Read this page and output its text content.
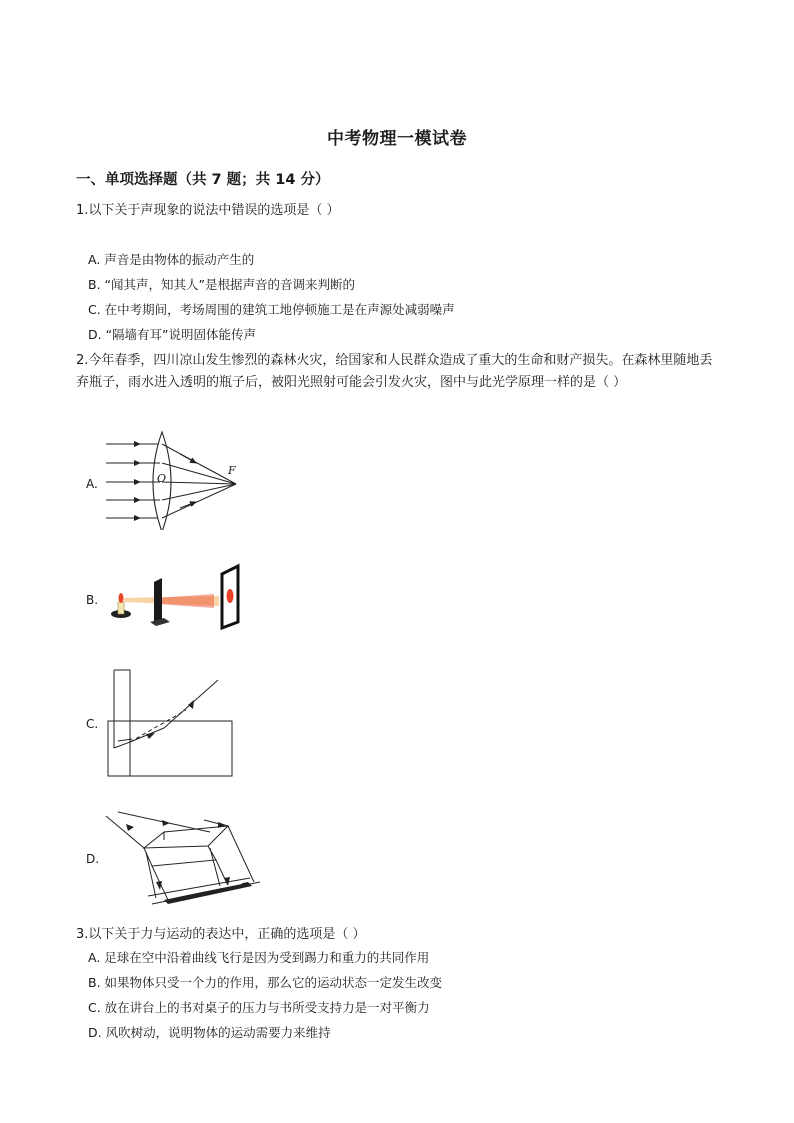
中考物理一模试卷
一、单项选择题（共 7 题；共 14 分）
1.以下关于声现象的说法中错误的选项是（ ）
A. 声音是由物体的振动产生的
B. “闻其声，知其人”是根据声音的音调来判断的
C. 在中考期间，考场周围的建筑工地停顿施工是在声源处减弱噪声
D. “隔墙有耳”说明固体能传声
2.今年春季，四川凉山发生惨烈的森林火灾，给国家和人民群众造成了重大的生命和财产损失。在森林里随地丢弃瓶子，雨水进入透明的瓶子后，被阳光照射可能会引发火灾，图中与此光学原理一样的是（ ）
A.	O
F
B.
C.
D.
3.以下关于力与运动的表达中，正确的选项是（ ）
A. 足球在空中沿着曲线飞行是因为受到踢力和重力的共同作用
B. 如果物体只受一个力的作用，那么它的运动状态一定发生改变
C. 放在讲台上的书对桌子的压力与书所受支持力是一对平衡力
D. 风吹树动，说明物体的运动需要力来维持
